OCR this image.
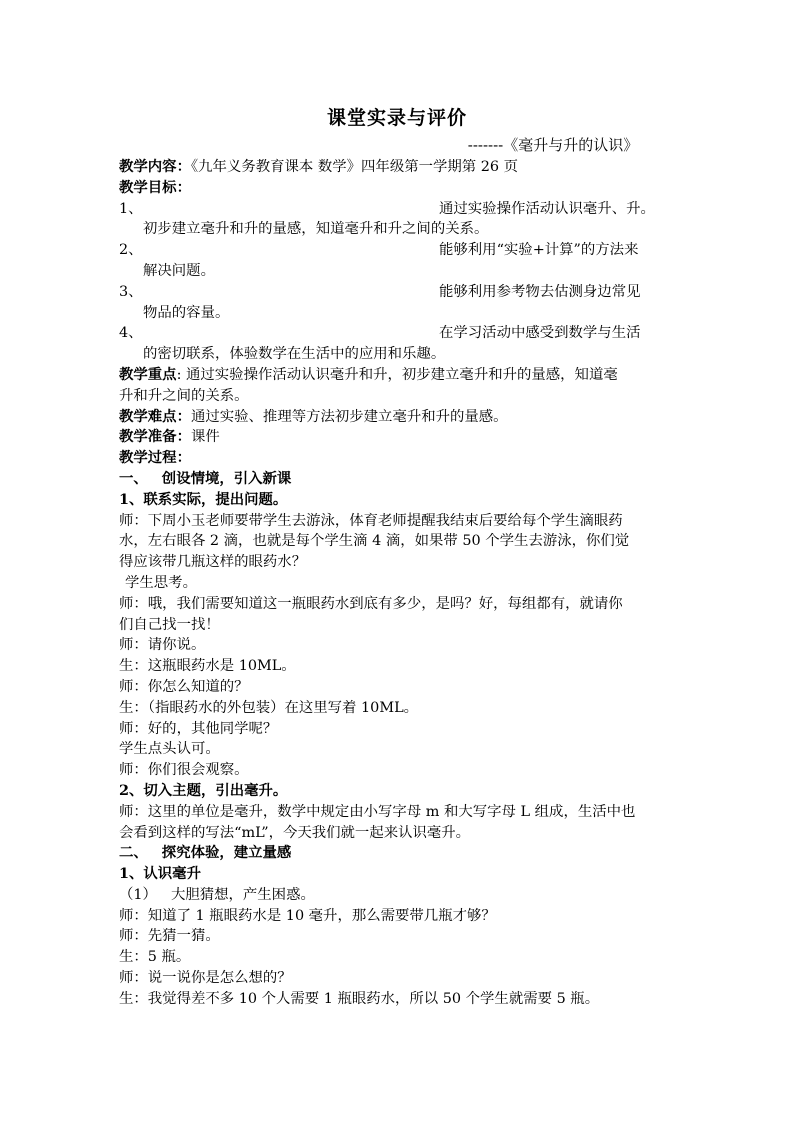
课堂实录与评价
-------《毫升与升的认识》
教学内容：《九年义务教育课本 数学》四年级第一学期第 26 页
教学目标：
1、	通过实验操作活动认识毫升、升。
初步建立毫升和升的量感，知道毫升和升之间的关系。
2、	能够利用“实验+计算”的方法来
解决问题。
3、	能够利用参考物去估测身边常见
物品的容量。
4、	在学习活动中感受到数学与生活
的密切联系，体验数学在生活中的应用和乐趣。
教学重点: 通过实验操作活动认识毫升和升，初步建立毫升和升的量感，知道毫
升和升之间的关系。
教学难点：通过实验、推理等方法初步建立毫升和升的量感。
教学准备：课件
教学过程：
一、 创设情境，引入新课
1、联系实际，提出问题。
师：下周小玉老师要带学生去游泳，体育老师提醒我结束后要给每个学生滴眼药
水，左右眼各 2 滴，也就是每个学生滴 4 滴，如果带 50 个学生去游泳，你们觉
得应该带几瓶这样的眼药水？
学生思考。
师：哦，我们需要知道这一瓶眼药水到底有多少，是吗？好，每组都有，就请你
们自己找一找！
师：请你说。
生：这瓶眼药水是 10ML。
师：你怎么知道的？
生：（指眼药水的外包装）在这里写着 10ML。
师：好的，其他同学呢？
学生点头认可。
师：你们很会观察。
2、切入主题，引出毫升。
师：这里的单位是毫升，数学中规定由小写字母 m 和大写字母 L 组成，生活中也
会看到这样的写法“mL”，今天我们就一起来认识毫升。
二、 探究体验，建立量感
1、认识毫升
（1） 大胆猜想，产生困惑。
师：知道了 1 瓶眼药水是 10 毫升，那么需要带几瓶才够？
师：先猜一猜。
生：5 瓶。
师：说一说你是怎么想的？
生：我觉得差不多 10 个人需要 1 瓶眼药水，所以 50 个学生就需要 5 瓶。
